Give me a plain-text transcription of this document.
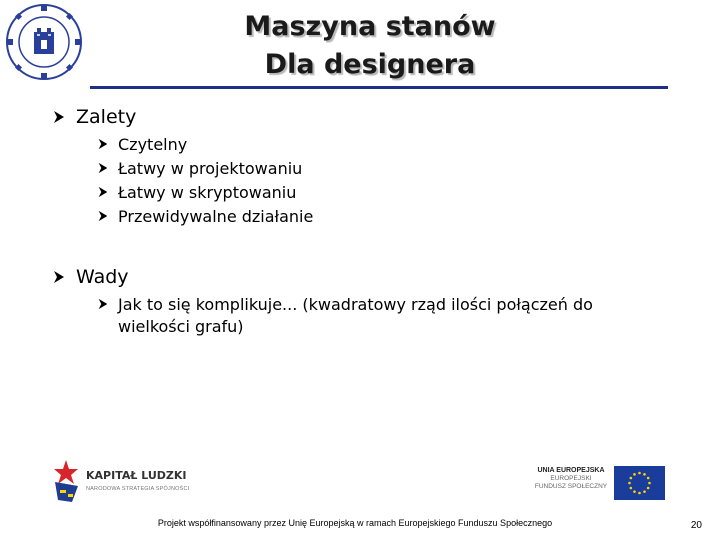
Maszyna stanów
Dla designera
Zalety
Czytelny
Łatwy w projektowaniu
Łatwy w skryptowaniu
Przewidywalne działanie
Wady
Jak to się komplikuje... (kwadratowy rząd ilości połączeń do wielkości grafu)
KAPITAŁ LUDZKI
NARODOWA STRATEGIA SPÓJNOŚCI
UNIA EUROPEJSKA
EUROPEJSKI
FUNDUSZ SPOŁECZNY
Projekt współfinansowany przez Unię Europejską w ramach Europejskiego Funduszu Społecznego	20
